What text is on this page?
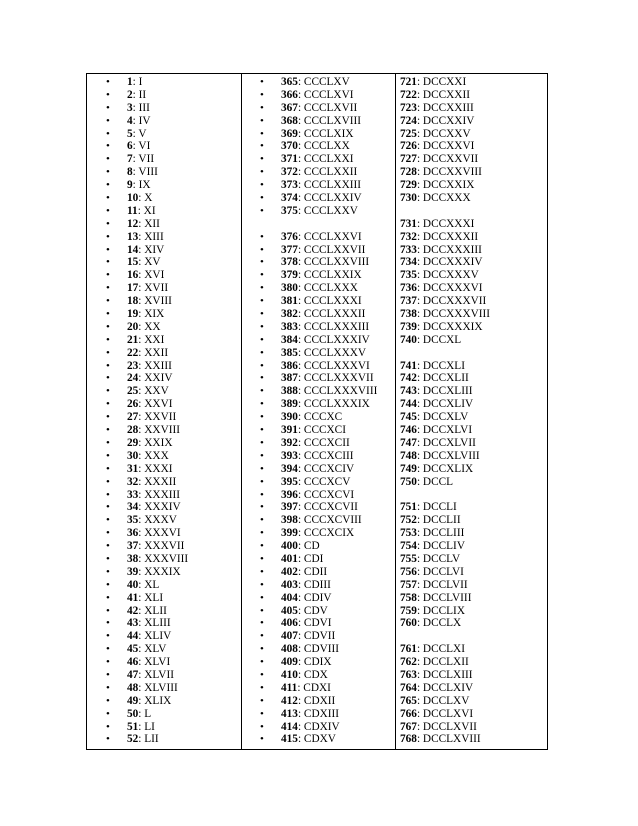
• 1: I
• 2: II
• 3: III
• 4: IV
• 5: V
• 6: VI
• 7: VII
• 8: VIII
• 9: IX
• 10: X
• 11: XI
• 12: XII
• 13: XIII
• 14: XIV
• 15: XV
• 16: XVI
• 17: XVII
• 18: XVIII
• 19: XIX
• 20: XX
• 21: XXI
• 22: XXII
• 23: XXIII
• 24: XXIV
• 25: XXV
• 26: XXVI
• 27: XXVII
• 28: XXVIII
• 29: XXIX
• 30: XXX
• 31: XXXI
• 32: XXXII
• 33: XXXIII
• 34: XXXIV
• 35: XXXV
• 36: XXXVI
• 37: XXXVII
• 38: XXXVIII
• 39: XXXIX
• 40: XL
• 41: XLI
• 42: XLII
• 43: XLIII
• 44: XLIV
• 45: XLV
• 46: XLVI
• 47: XLVII
• 48: XLVIII
• 49: XLIX
• 50: L
• 51: LI
• 52: LII
• 365: CCCLXV
• 366: CCCLXVI
• 367: CCCLXVII
• 368: CCCLXVIII
• 369: CCCLXIX
• 370: CCCLXX
• 371: CCCLXXI
• 372: CCCLXXII
• 373: CCCLXXIII
• 374: CCCLXXIV
• 375: CCCLXXV
• 376: CCCLXXVI
• 377: CCCLXXVII
• 378: CCCLXXVIII
• 379: CCCLXXIX
• 380: CCCLXXX
• 381: CCCLXXXI
• 382: CCCLXXXII
• 383: CCCLXXXIII
• 384: CCCLXXXIV
• 385: CCCLXXXV
• 386: CCCLXXXVI
• 387: CCCLXXXVII
• 388: CCCLXXXVIII
• 389: CCCLXXXIX
• 390: CCCXC
• 391: CCCXCI
• 392: CCCXCII
• 393: CCCXCIII
• 394: CCCXCIV
• 395: CCCXCV
• 396: CCCXCVI
• 397: CCCXCVII
• 398: CCCXCVIII
• 399: CCCXCIX
• 400: CD
• 401: CDI
• 402: CDII
• 403: CDIII
• 404: CDIV
• 405: CDV
• 406: CDVI
• 407: CDVII
• 408: CDVIII
• 409: CDIX
• 410: CDX
• 411: CDXI
• 412: CDXII
• 413: CDXIII
• 414: CDXIV
• 415: CDXV
721: DCCXXI
722: DCCXXII
723: DCCXXIII
724: DCCXXIV
725: DCCXXV
726: DCCXXVI
727: DCCXXVII
728: DCCXXVIII
729: DCCXXIX
730: DCCXXX
731: DCCXXXI
732: DCCXXXII
733: DCCXXXIII
734: DCCXXXIV
735: DCCXXXV
736: DCCXXXVI
737: DCCXXXVII
738: DCCXXXVIII
739: DCCXXXIX
740: DCCXL
741: DCCXLI
742: DCCXLII
743: DCCXLIII
744: DCCXLIV
745: DCCXLV
746: DCCXLVI
747: DCCXLVII
748: DCCXLVIII
749: DCCXLIX
750: DCCL
751: DCCLI
752: DCCLII
753: DCCLIII
754: DCCLIV
755: DCCLV
756: DCCLVI
757: DCCLVII
758: DCCLVIII
759: DCCLIX
760: DCCLX
761: DCCLXI
762: DCCLXII
763: DCCLXIII
764: DCCLXIV
765: DCCLXV
766: DCCLXVI
767: DCCLXVII
768: DCCLXVIII
